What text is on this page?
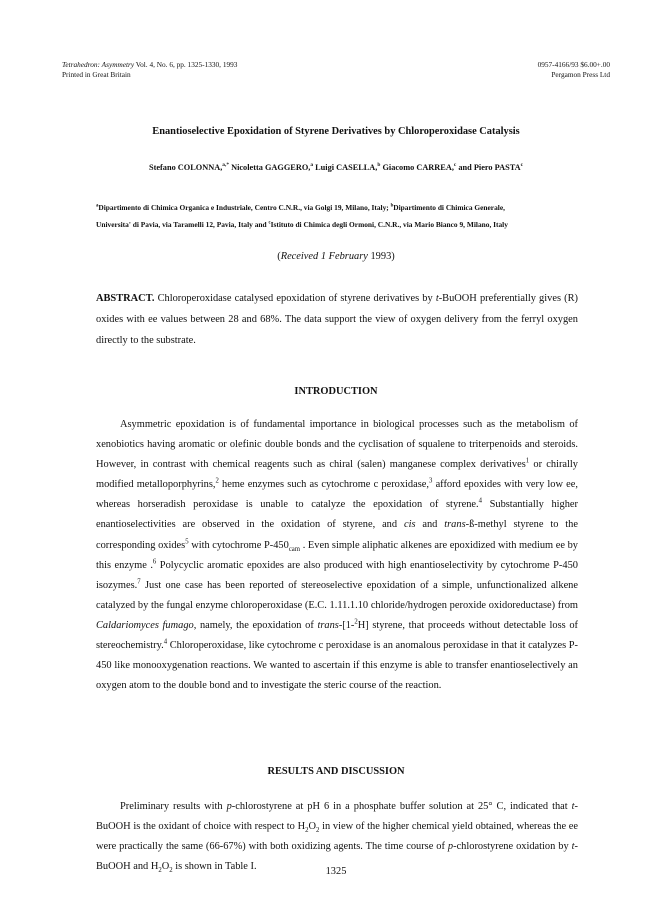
Tetrahedron: Asymmetry Vol. 4, No. 6, pp. 1325-1330, 1993
Printed in Great Britain
0957-4166/93 $6.00+.00
Pergamon Press Ltd
Enantioselective Epoxidation of Styrene Derivatives by Chloroperoxidase Catalysis
Stefano COLONNA,$^{a,*}$ Nicoletta GAGGERO,$^a$ Luigi CASELLA,$^b$ Giacomo CARREA,$^c$ and Piero PASTA$^c$
$^a$Dipartimento di Chimica Organica e Industriale, Centro C.N.R., via Golgi 19, Milano, Italy; $^b$Dipartimento di Chimica Generale,
Universita' di Pavia, via Taramelli 12, Pavia, Italy and $^c$Istituto di Chimica degli Ormoni, C.N.R., via Mario Bianco 9, Milano, Italy
(Received 1 February 1993)
ABSTRACT. Chloroperoxidase catalysed epoxidation of styrene derivatives by t-BuOOH preferentially gives (R) oxides with ee values between 28 and 68%. The data support the view of oxygen delivery from the ferryl oxygen directly to the substrate.
INTRODUCTION

Asymmetric epoxidation is of fundamental importance in biological processes such as the metabolism of xenobiotics having aromatic or olefinic double bonds and the cyclisation of squalene to triterpenoids and steroids. However, in contrast with chemical reagents such as chiral (salen) manganese complex derivatives$^1$ or chirally modified metalloporphyrins,$^2$ heme enzymes such as cytochrome c peroxidase,$^3$ afford epoxides with very low ee, whereas horseradish peroxidase is unable to catalyze the epoxidation of styrene.$^4$ Substantially higher enantioselectivities are observed in the oxidation of styrene, and cis and trans-ß-methyl styrene to the corresponding oxides$^5$ with cytochrome $P-450_{cam}$ . Even simple aliphatic alkenes are epoxidized with medium ee by this enzyme .$^6$ Polycyclic aromatic epoxides are also produced with high enantioselectivity by cytochrome P-450 isozymes.$^7$ Just one case has been reported of stereoselective epoxidation of a simple, unfunctionalized alkene catalyzed by the fungal enzyme chloroperoxidase (E.C. 1.11.1.10 chloride/hydrogen peroxide oxidoreductase) from Caldariomyces fumago, namely, the epoxidation of trans-[1-$^2$H] styrene, that proceeds without detectable loss of stereochemistry.$^4$ Chloroperoxidase, like cytochrome c peroxidase is an anomalous peroxidase in that it catalyzes P-450 like monooxygenation reactions. We wanted to ascertain if this enzyme is able to transfer enantioselectively an oxygen atom to the double bond and to investigate the steric course of the reaction.

RESULTS AND DISCUSSION

Preliminary results with p-chlorostyrene at pH 6 in a phosphate buffer solution at 25° C, indicated that t-BuOOH is the oxidant of choice with respect to $H_2O_2$ in view of the higher chemical yield obtained, whereas the ee were practically the same (66-67%) with both oxidizing agents. The time course of p-chlorostyrene oxidation by t-BuOOH and $H_2O_2$ is shown in Table I.	1325
